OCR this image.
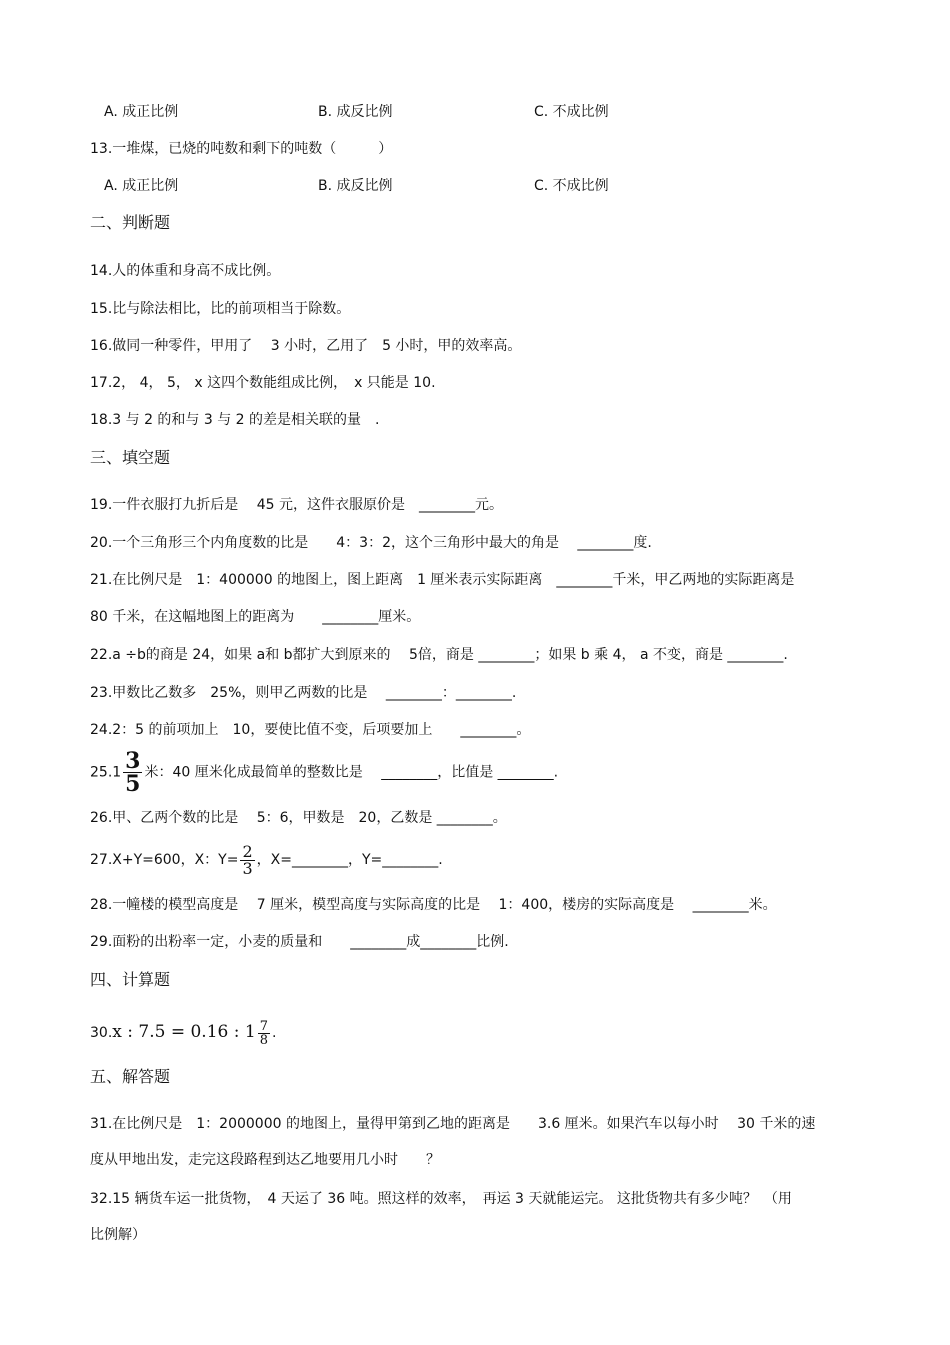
A. 成正比例	B. 成反比例	C. 不成比例
13.一堆煤，已烧的吨数和剩下的吨数（　　　）
A. 成正比例	B. 成反比例	C. 不成比例
二、判断题
14.人的体重和身高不成比例。
15.比与除法相比，比的前项相当于除数。
16.做同一种零件，甲用了　 3 小时，乙用了　5 小时，甲的效率高。
17.2， 4， 5， x 这四个数能组成比例，　x 只能是 10.
18.3 与 2 的和与 3 与 2 的差是相关联的量　.
三、填空题
19.一件衣服打九折后是　 45 元，这件衣服原价是　________元。
20.一个三角形三个内角度数的比是　　4：3：2，这个三角形中最大的角是　 ________度.
21.在比例尺是　1：400000 的地图上，图上距离　1 厘米表示实际距离　________千米，甲乙两地的实际距离是
80 千米，在这幅地图上的距离为　　________厘米。
22.a ÷b的商是 24，如果 a和 b都扩大到原来的　 5倍，商是 ________；如果 b 乘 4， a 不变，商是 ________.
23.甲数比乙数多　25%，则甲乙两数的比是　 ________：________.
24.2：5 的前项加上　10，要使比值不变，后项要加上　　________。
$25.1 \frac{3}{5}$ 米：40 厘米化成最简单的整数比是　 ________，比值是 ________.
26.甲、乙两个数的比是　 5：6，甲数是　20，乙数是 ________。
27.X+Y=600，X：$Y= \frac{2}{3}$ ，X=________，Y=________.
28.一幢楼的模型高度是　 7 厘米，模型高度与实际高度的比是　 1：400，楼房的实际高度是　 ________米。
29.面粉的出粉率一定，小麦的质量和　　________成________比例.
四、计算题
30.x : 7.5 = 0.16 : $1 \frac{7}{8}$ .
五、解答题
31.在比例尺是　1：2000000 的地图上，量得甲第到乙地的距离是　　3.6 厘米。如果汽车以每小时　 30 千米的速
度从甲地出发，走完这段路程到达乙地要用几小时　　？
32.15 辆货车运一批货物，　4 天运了 36 吨。照这样的效率，　再运 3 天就能运完。 这批货物共有多少吨？　（用
比例解）
